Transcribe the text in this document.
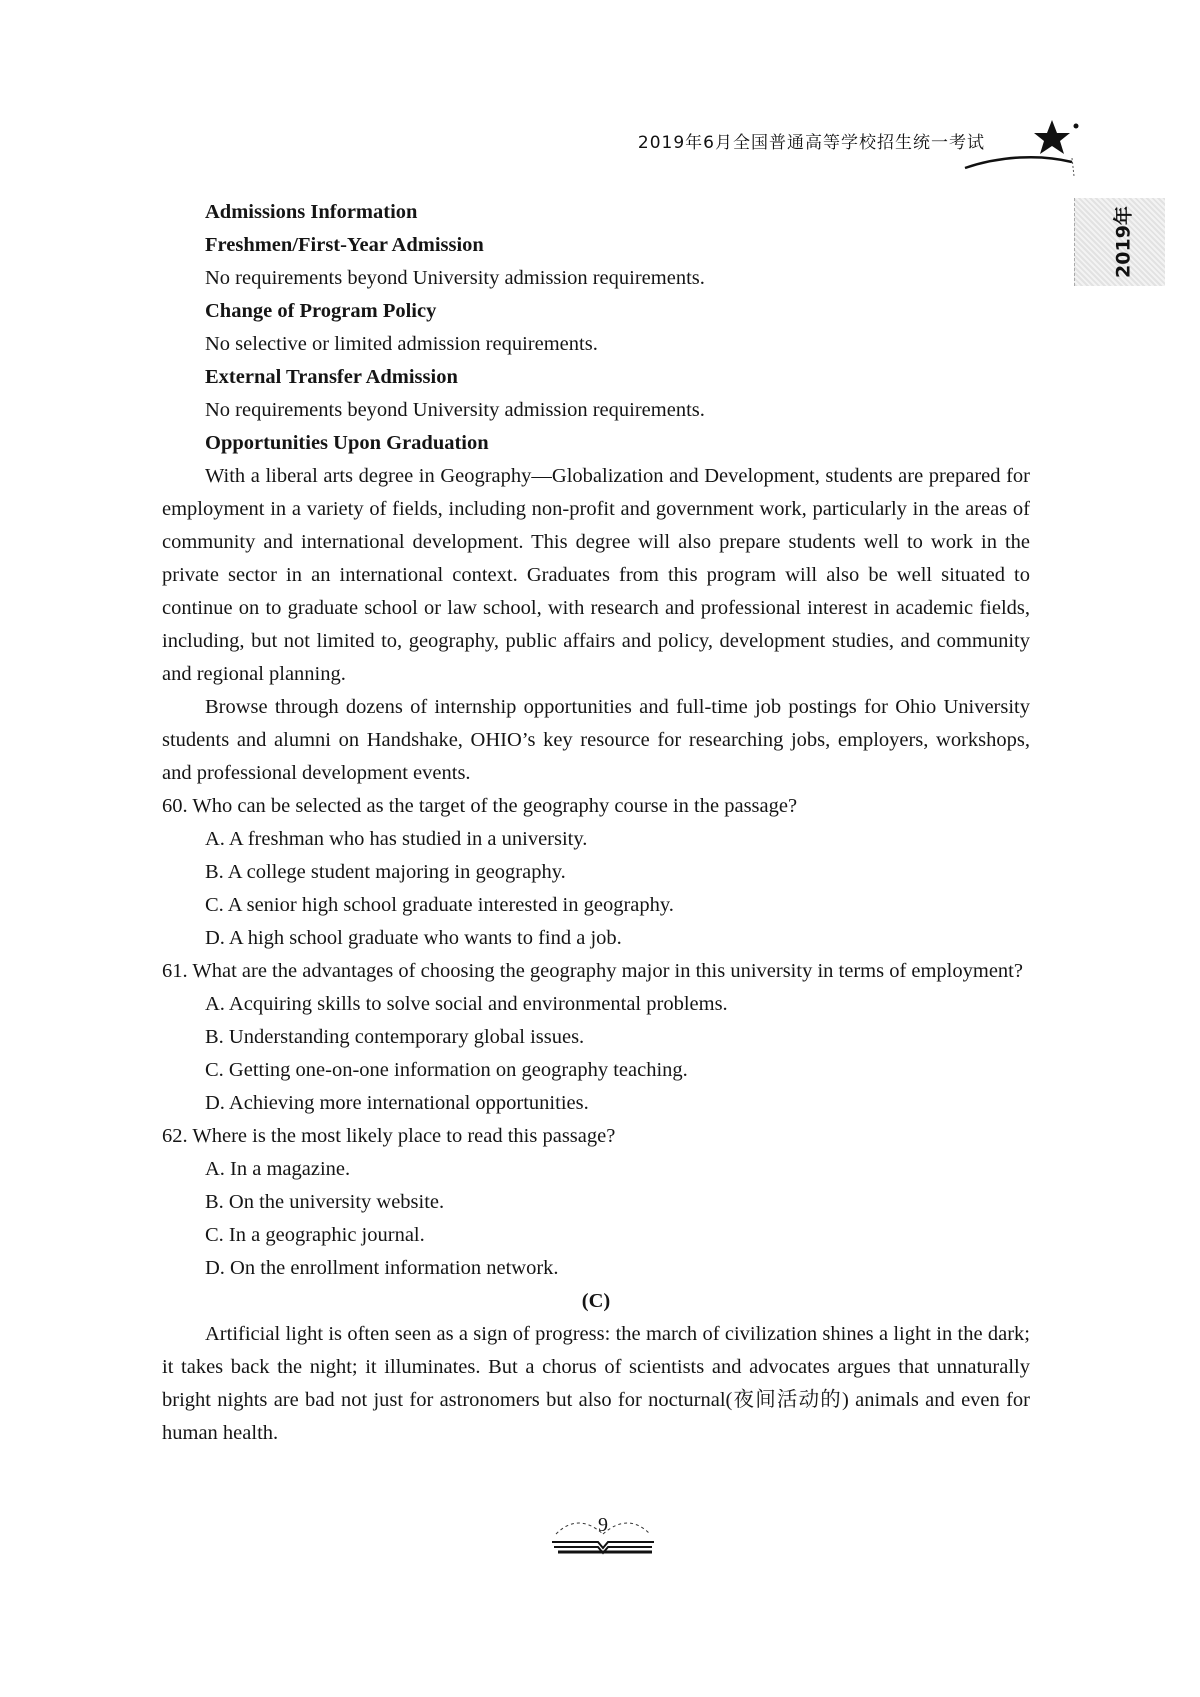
2019年6月全国普通高等学校招生统一考试
2019年

Admissions Information

Freshmen/First-Year Admission

No requirements beyond University admission requirements.

Change of Program Policy

No selective or limited admission requirements.

External Transfer Admission

No requirements beyond University admission requirements.

Opportunities Upon Graduation

With a liberal arts degree in Geography—Globalization and Development, students are prepared for employment in a variety of fields, including non-profit and government work, particularly in the areas of community and international development. This degree will also prepare students well to work in the private sector in an international context. Graduates from this program will also be well situated to continue on to graduate school or law school, with research and professional interest in academic fields, including, but not limited to, geography, public affairs and policy, development studies, and community and regional planning.

Browse through dozens of internship opportunities and full-time job postings for Ohio University students and alumni on Handshake, OHIO’s key resource for researching jobs, employers, workshops, and professional development events.

60. Who can be selected as the target of the geography course in the passage?

A. A freshman who has studied in a university.

B. A college student majoring in geography.

C. A senior high school graduate interested in geography.

D. A high school graduate who wants to find a job.

61. What are the advantages of choosing the geography major in this university in terms of employment?

A. Acquiring skills to solve social and environmental problems.

B. Understanding contemporary global issues.

C. Getting one-on-one information on geography teaching.

D. Achieving more international opportunities.

62. Where is the most likely place to read this passage?

A. In a magazine.

B. On the university website.

C. In a geographic journal.

D. On the enrollment information network.

(C)

Artificial light is often seen as a sign of progress: the march of civilization shines a light in the dark; it takes back the night; it illuminates. But a chorus of scientists and advocates argues that unnaturally bright nights are bad not just for astronomers but also for nocturnal(夜间活动的) animals and even for human health.

9
